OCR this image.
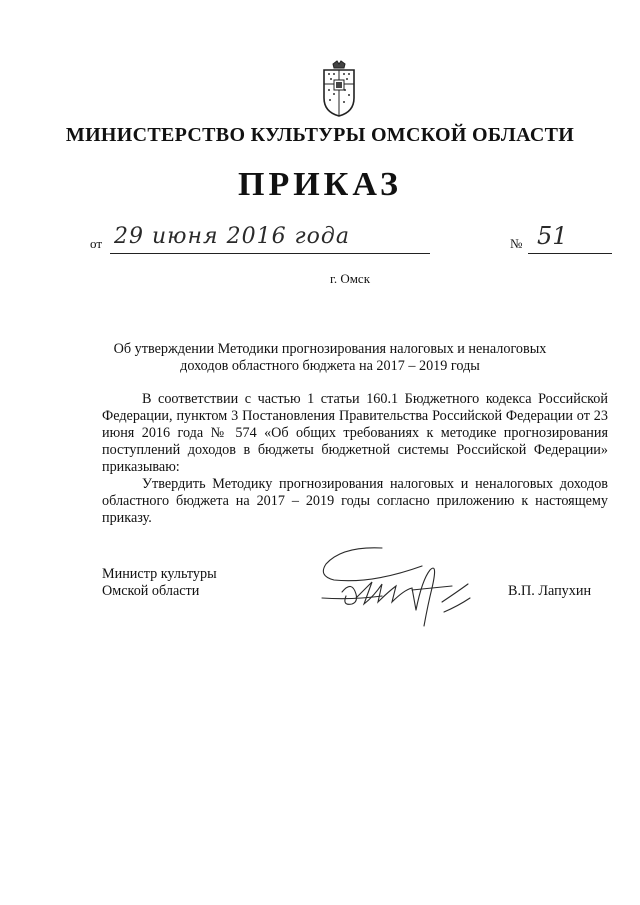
МИНИСТЕРСТВО КУЛЬТУРЫ ОМСКОЙ ОБЛАСТИ
ПРИКАЗ
от 29 июня 2016 года	№ 51
г. Омск
Об утверждении Методики прогнозирования налоговых и неналоговых
доходов областного бюджета на 2017 – 2019 годы

В соответствии с частью 1 статьи 160.1 Бюджетного кодекса Российской Федерации, пунктом 3 Постановления Правительства Российской Федерации от 23 июня 2016 года № 574 «Об общих требованиях к методике прогнозирования поступлений доходов в бюджеты бюджетной системы Российской Федерации» приказываю:

Утвердить Методику прогнозирования налоговых и неналоговых доходов областного бюджета на 2017 – 2019 годы согласно приложению к настоящему приказу.

Министр культуры
Омской области	В.П. Лапухин
